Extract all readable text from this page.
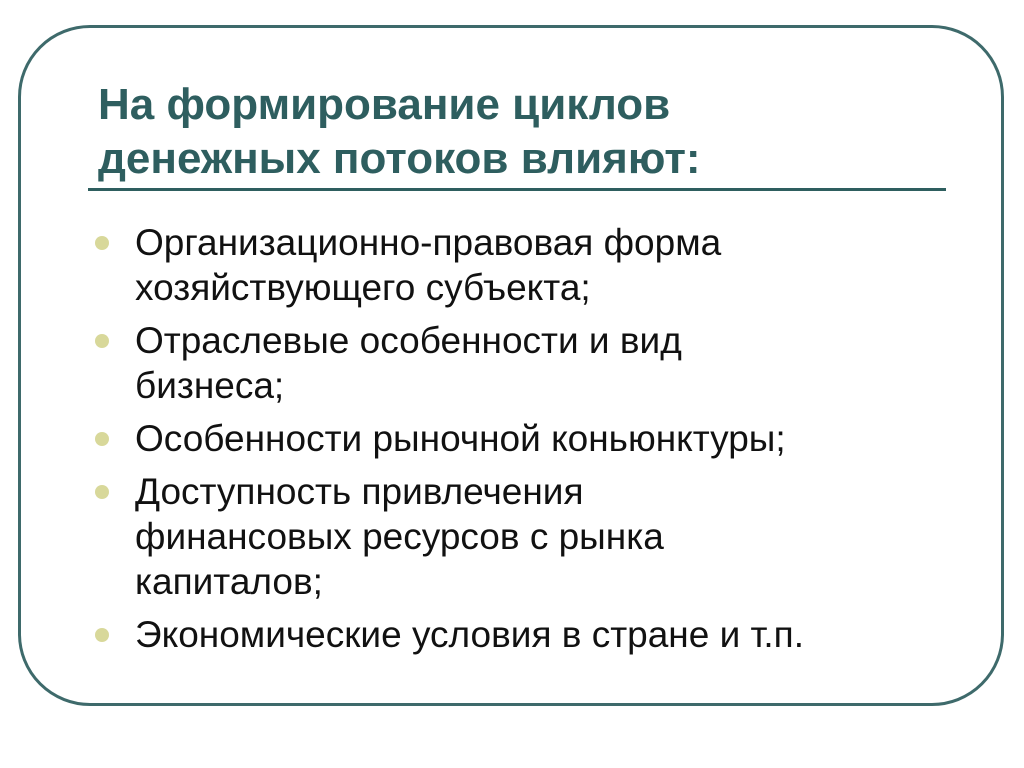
На формирование циклов
денежных потоков влияют:
Организационно-правовая форма
хозяйствующего субъекта;
Отраслевые особенности и вид
бизнеса;
Особенности рыночной коньюнктуры;
Доступность привлечения
финансовых ресурсов с рынка
капиталов;
Экономические условия в стране и т.п.
